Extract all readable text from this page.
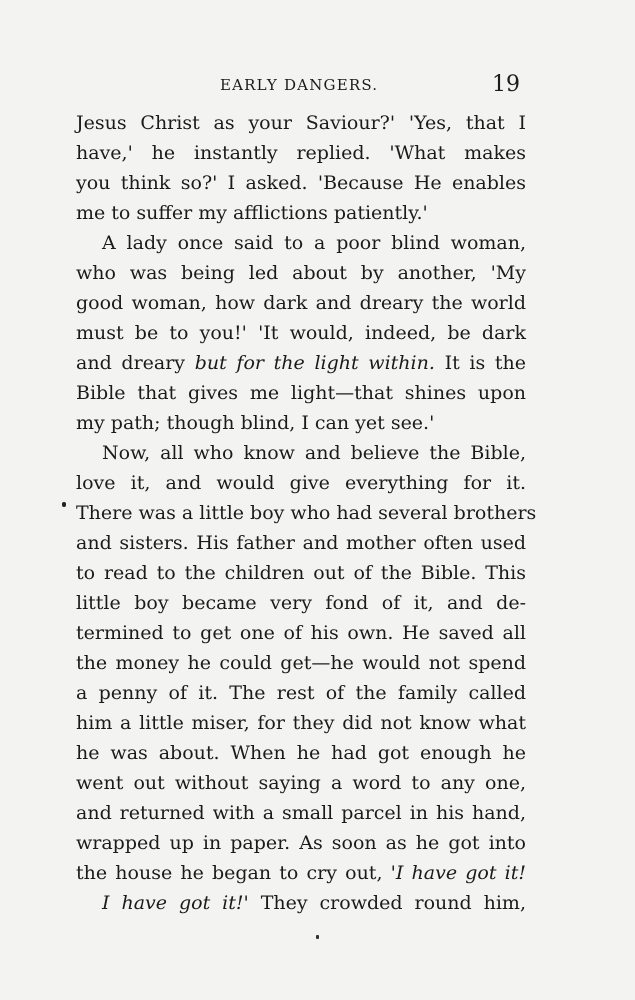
EARLY DANGERS.	19
Jesus Christ as your Saviour?' 'Yes, that I
have,' he instantly replied. 'What makes
you think so?' I asked. 'Because He enables
me to suffer my afflictions patiently.'
A lady once said to a poor blind woman,
who was being led about by another, 'My
good woman, how dark and dreary the world
must be to you!' 'It would, indeed, be dark
and dreary but for the light within. It is the
Bible that gives me light—that shines upon
my path; though blind, I can yet see.'
Now, all who know and believe the Bible,
love it, and would give everything for it.
There was a little boy who had several brothers
and sisters. His father and mother often used
to read to the children out of the Bible. This
little boy became very fond of it, and de-
termined to get one of his own. He saved all
the money he could get—he would not spend
a penny of it. The rest of the family called
him a little miser, for they did not know what
he was about. When he had got enough he
went out without saying a word to any one,
and returned with a small parcel in his hand,
wrapped up in paper. As soon as he got into
the house he began to cry out, 'I have got it!
I have got it!' They crowded round him,
